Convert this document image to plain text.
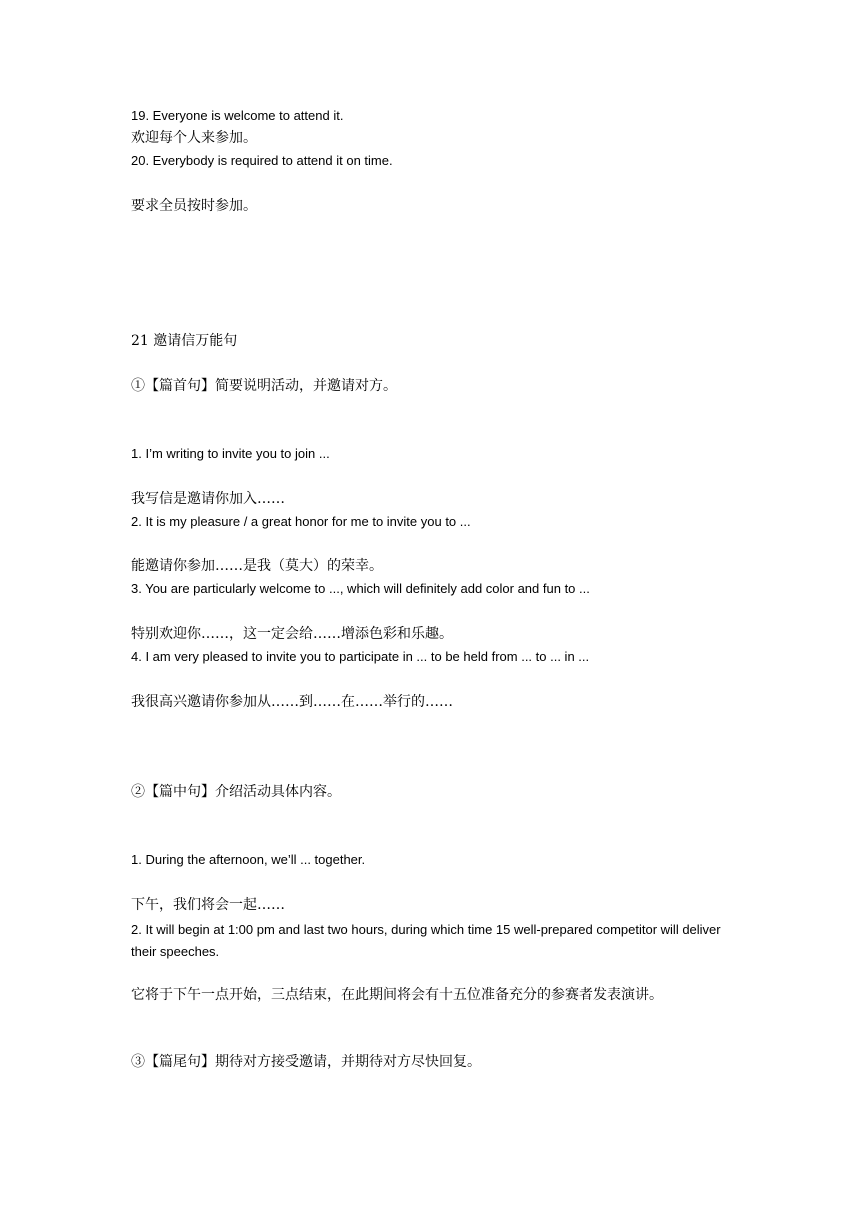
19. Everyone is welcome to attend it.
欢迎每个人来参加。
20. Everybody is required to attend it on time.
要求全员按时参加。
21 邀请信万能句
①【篇首句】简要说明活动，并邀请对方。
1. I’m writing to invite you to join ...
我写信是邀请你加入……
2. It is my pleasure / a great honor for me to invite you to ...
能邀请你参加……是我（莫大）的荣幸。
3. You are particularly welcome to ..., which will definitely add color and fun to ...
特别欢迎你……，这一定会给……增添色彩和乐趣。
4. I am very pleased to invite you to participate in ... to be held from ... to ... in ...
我很高兴邀请你参加从……到……在……举行的……
②【篇中句】介绍活动具体内容。
1. During the afternoon, we’ll ... together.
下午，我们将会一起……
2. It will begin at 1:00 pm and last two hours, during which time 15 well-prepared competitor will deliver their speeches.
它将于下午一点开始，三点结束，在此期间将会有十五位准备充分的参赛者发表演讲。
③【篇尾句】期待对方接受邀请，并期待对方尽快回复。
